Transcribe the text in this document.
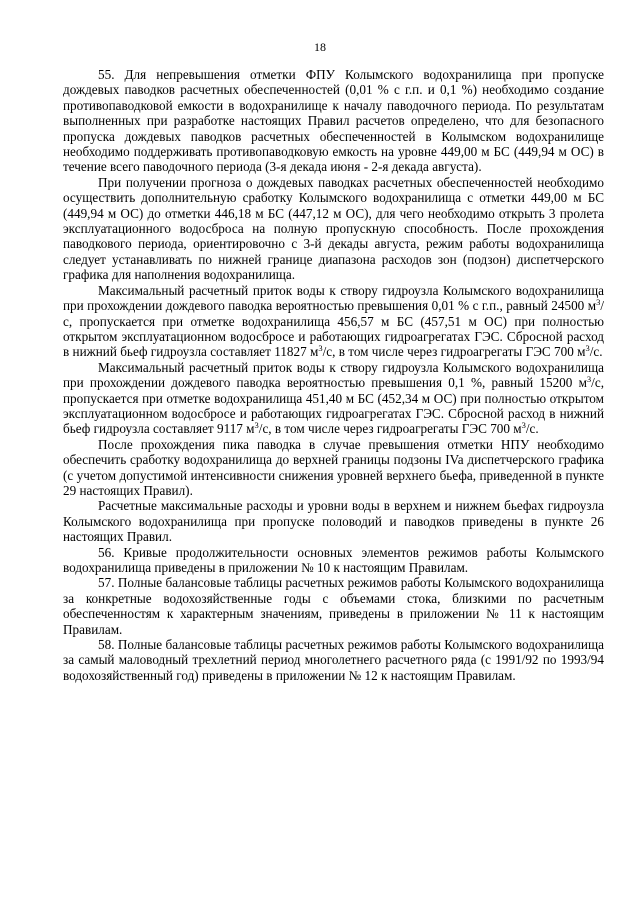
18

55. Для непревышения отметки ФПУ Колымского водохранилища при пропуске дождевых паводков расчетных обеспеченностей (0,01 % с г.п. и 0,1 %) необходимо создание противопаводковой емкости в водохранилище к началу паводочного периода. По результатам выполненных при разработке настоящих Правил расчетов определено, что для безопасного пропуска дождевых паводков расчетных обеспеченностей в Колымском водохранилище необходимо поддерживать противопаводковую емкость на уровне 449,00 м БС (449,94 м ОС) в течение всего паводочного периода (3-я декада июня - 2-я декада августа).

При получении прогноза о дождевых паводках расчетных обеспеченностей необходимо осуществить дополнительную сработку Колымского водохранилища с отметки 449,00 м БС (449,94 м ОС) до отметки 446,18 м БС (447,12 м ОС), для чего необходимо открыть 3 пролета эксплуатационного водосброса на полную пропускную способность. После прохождения паводкового периода, ориентировочно с 3-й декады августа, режим работы водохранилища следует устанавливать по нижней границе диапазона расходов зон (подзон) диспетчерского графика для наполнения водохранилища.

Максимальный расчетный приток воды к створу гидроузла Колымского водохранилища при прохождении дождевого паводка вероятностью превышения 0,01 % с г.п., равный 24500 $м^3/с$, пропускается при отметке водохранилища 456,57 м БС (457,51 м ОС) при полностью открытом эксплуатационном водосбросе и работающих гидроагрегатах ГЭС. Сбросной расход в нижний бьеф гидроузла составляет 11827 $м^3/с$, в том числе через гидроагрегаты ГЭС 700 $м^3/с$.

Максимальный расчетный приток воды к створу гидроузла Колымского водохранилища при прохождении дождевого паводка вероятностью превышения 0,1 %, равный 15200 $м^3/с$, пропускается при отметке водохранилища 451,40 м БС (452,34 м ОС) при полностью открытом эксплуатационном водосбросе и работающих гидроагрегатах ГЭС. Сбросной расход в нижний бьеф гидроузла составляет 9117 $м^3/с$, в том числе через гидроагрегаты ГЭС 700 $м^3/с$.

После прохождения пика паводка в случае превышения отметки НПУ необходимо обеспечить сработку водохранилища до верхней границы подзоны IVa диспетчерского графика (с учетом допустимой интенсивности снижения уровней верхнего бьефа, приведенной в пункте 29 настоящих Правил).

Расчетные максимальные расходы и уровни воды в верхнем и нижнем бьефах гидроузла Колымского водохранилища при пропуске половодий и паводков приведены в пункте 26 настоящих Правил.

56. Кривые продолжительности основных элементов режимов работы Колымского водохранилища приведены в приложении № 10 к настоящим Правилам.

57. Полные балансовые таблицы расчетных режимов работы Колымского водохранилища за конкретные водохозяйственные годы с объемами стока, близкими по расчетным обеспеченностям к характерным значениям, приведены в приложении № 11 к настоящим Правилам.

58. Полные балансовые таблицы расчетных режимов работы Колымского водохранилища за самый маловодный трехлетний период многолетнего расчетного ряда (с 1991/92 по 1993/94 водохозяйственный год) приведены в приложении № 12 к настоящим Правилам.
